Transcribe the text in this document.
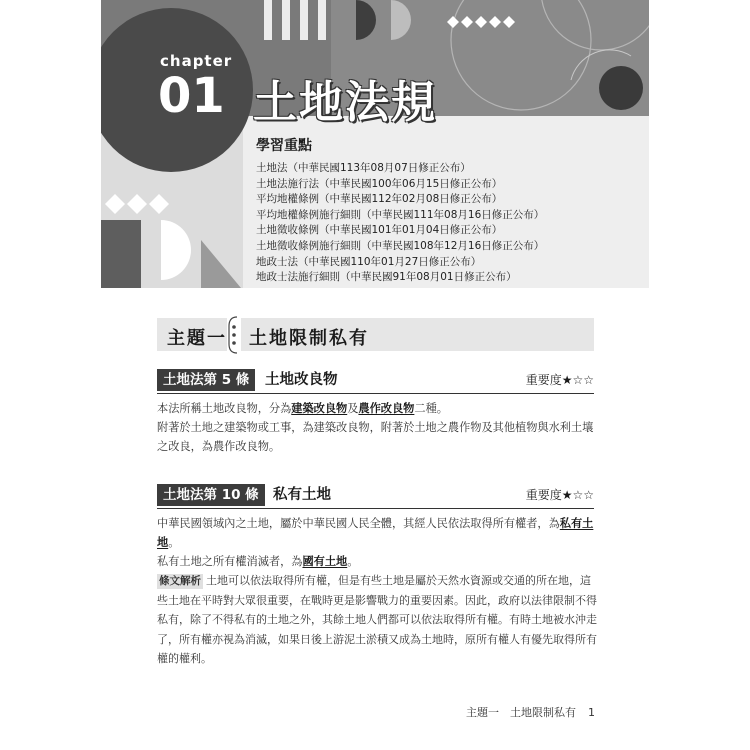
chapter
01 土地法規
學習重點
土地法（中華民國113年08月07日修正公布）
土地法施行法（中華民國100年06月15日修正公布）
平均地權條例（中華民國112年02月08日修正公布）
平均地權條例施行細則（中華民國111年08月16日修正公布）
土地徵收條例（中華民國101年01月04日修正公布）
土地徵收條例施行細則（中華民國108年12月16日修正公布）
地政士法（中華民國110年01月27日修正公布）
地政士法施行細則（中華民國91年08月01日修正公布）
主題一 土地限制私有
土地法第 5 條	土地改良物	重要度★☆☆

本法所稱土地改良物，分為建築改良物及農作改良物二種。

附著於土地之建築物或工事，為建築改良物，附著於土地之農作物及其他植物與水利土壤之改良，為農作改良物。

土地法第 10 條 私有土地	重要度★☆☆

中華民國領域內之土地，屬於中華民國人民全體，其經人民依法取得所有權者，為私有土地。

私有土地之所有權消滅者，為國有土地。

條文解析 土地可以依法取得所有權，但是有些土地是屬於天然水資源或交通的所在地，這些土地在平時對大眾很重要，在戰時更是影響戰力的重要因素。因此，政府以法律限制不得私有，除了不得私有的土地之外，其餘土地人們都可以依法取得所有權。有時土地被水沖走了，所有權亦視為消滅，如果日後上游泥土淤積又成為土地時，原所有權人有優先取得所有權的權利。
主題一　土地限制私有 1
